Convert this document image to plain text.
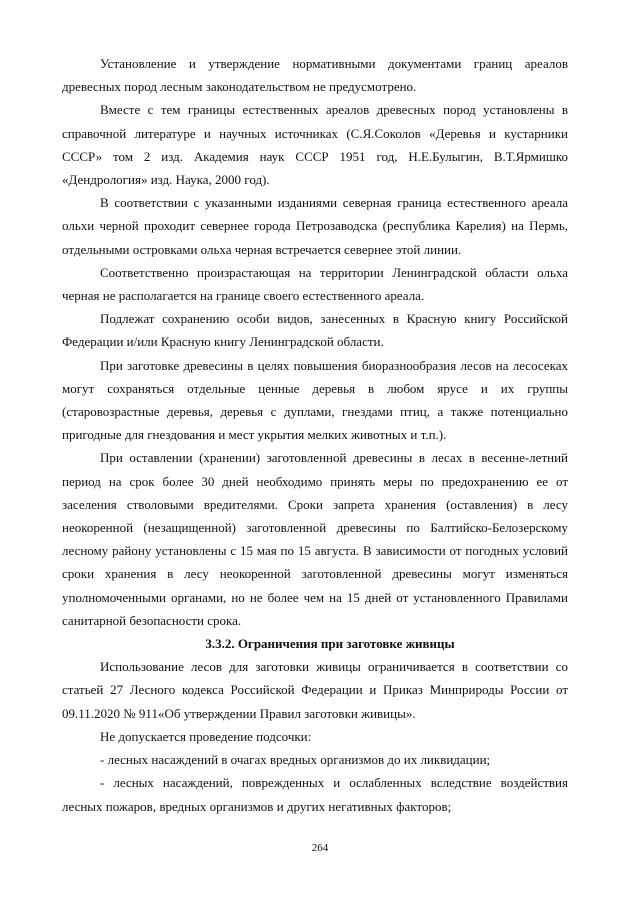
Установление и утверждение нормативными документами границ ареалов древесных пород лесным законодательством не предусмотрено.

Вместе с тем границы естественных ареалов древесных пород установлены в справочной литературе и научных источниках (С.Я.Соколов «Деревья и кустарники СССР» том 2 изд. Академия наук СССР 1951 год, Н.Е.Булыгин, В.Т.Ярмишко «Дендрология» изд. Наука, 2000 год).

В соответствии с указанными изданиями северная граница естественного ареала ольхи черной проходит севернее города Петрозаводска (республика Карелия) на Пермь, отдельными островками ольха черная встречается севернее этой линии.

Соответственно произрастающая на территории Ленинградской области ольха черная не располагается на границе своего естественного ареала.

Подлежат сохранению особи видов, занесенных в Красную книгу Российской Федерации и/или Красную книгу Ленинградской области.

При заготовке древесины в целях повышения биоразнообразия лесов на лесосеках могут сохраняться отдельные ценные деревья в любом ярусе и их группы (старовозрастные деревья, деревья с дуплами, гнездами птиц, а также потенциально пригодные для гнездования и мест укрытия мелких животных и т.п.).

При оставлении (хранении) заготовленной древесины в лесах в весенне-летний период на срок более 30 дней необходимо принять меры по предохранению ее от заселения стволовыми вредителями. Сроки запрета хранения (оставления) в лесу неокоренной (незащищенной) заготовленной древесины по Балтийско-Белозерскому лесному району установлены с 15 мая по 15 августа. В зависимости от погодных условий сроки хранения в лесу неокоренной заготовленной древесины могут изменяться уполномоченными органами, но не более чем на 15 дней от установленного Правилами санитарной безопасности срока.

3.3.2. Ограничения при заготовке живицы

Использование лесов для заготовки живицы ограничивается в соответствии со статьей 27 Лесного кодекса Российской Федерации и Приказ Минприроды России от 09.11.2020 № 911«Об утверждении Правил заготовки живицы».

Не допускается проведение подсочки:

- лесных насаждений в очагах вредных организмов до их ликвидации;

- лесных насаждений, поврежденных и ослабленных вследствие воздействия лесных пожаров, вредных организмов и других негативных факторов;

264
